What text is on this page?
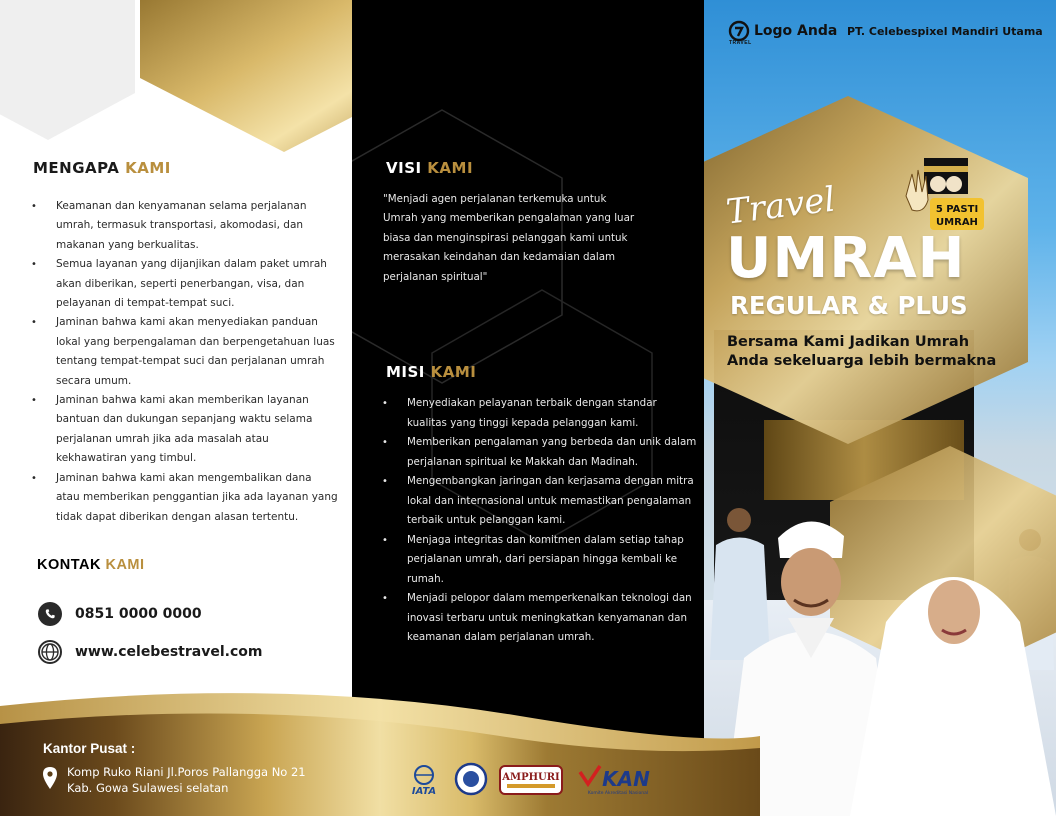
MENGAPA KAMI
• Keamanan dan kenyamanan selama perjalanan umrah, termasuk transportasi, akomodasi, dan makanan yang berkualitas.
• Semua layanan yang dijanjikan dalam paket umrah akan diberikan, seperti penerbangan, visa, dan pelayanan di tempat-tempat suci.
• Jaminan bahwa kami akan menyediakan panduan lokal yang berpengalaman dan berpengetahuan luas tentang tempat-tempat suci dan perjalanan umrah secara umum.
• Jaminan bahwa kami akan memberikan layanan bantuan dan dukungan sepanjang waktu selama perjalanan umrah jika ada masalah atau kekhawatiran yang timbul.
• Jaminan bahwa kami akan mengembalikan dana atau memberikan penggantian jika ada layanan yang tidak dapat diberikan dengan alasan tertentu.
KONTAK KAMI
0851 0000 0000
www.celebestravel.com
VISI KAMI

"Menjadi agen perjalanan terkemuka untuk Umrah yang memberikan pengalaman yang luar biasa dan menginspirasi pelanggan kami untuk merasakan keindahan dan kedamaian dalam perjalanan spiritual"

MISI KAMI
• Menyediakan pelayanan terbaik dengan standar kualitas yang tinggi kepada pelanggan kami.
• Memberikan pengalaman yang berbeda dan unik dalam perjalanan spiritual ke Makkah dan Madinah.
• Mengembangkan jaringan dan kerjasama dengan mitra lokal dan internasional untuk memastikan pengalaman terbaik untuk pelanggan kami.
• Menjaga integritas dan komitmen dalam setiap tahap perjalanan umrah, dari persiapan hingga kembali ke rumah.
• Menjadi pelopor dalam memperkenalkan teknologi dan inovasi terbaru untuk meningkatkan kenyamanan dan keamanan dalam perjalanan umrah.
Logo Anda
TRAVEL
PT. Celebespixel Mandiri Utama
5 PASTI
UMRAH
Travel
UMRAH
REGULAR & PLUS

Bersama Kami Jadikan Umrah
Anda sekeluarga lebih bermakna

Kantor Pusat :

Komp Ruko Riani Jl.Poros Pallangga No 21
Kab. Gowa Sulawesi selatan	IATA
AMPHURI KAN
Komite Akreditasi Nasional
